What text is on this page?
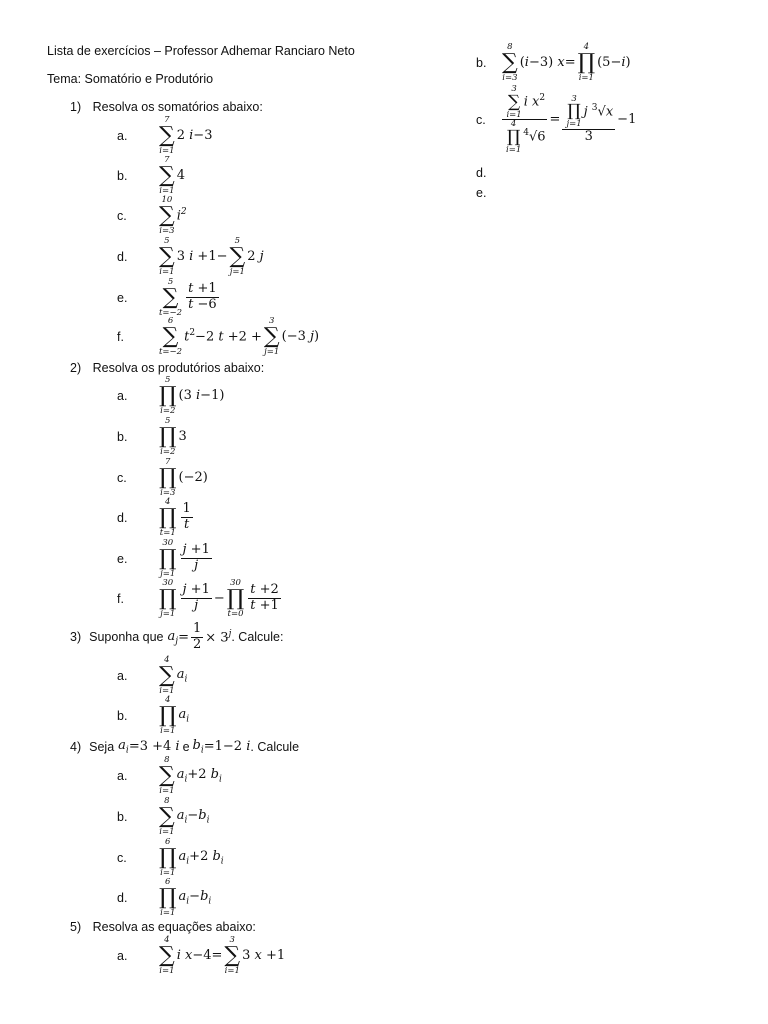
Lista de exercícios – Professor Adhemar Ranciaro Neto
Tema: Somatório e Produtório
1) Resolva os somatórios abaixo:
a.
7
∑
i=1
2 i−3
b.
7
∑
i=1
4
c.
10
∑
i=3
$i^2$
d.
5
∑
i=1
3 i +1−
5
∑
j=1
2 j
e.
5
∑
$t=-2 \frac{t +1}{t -6}$
f.
6
∑
t=−2
$t^2-2$ t +2 +
3
∑
j=1
(−3 j)
2) Resolva os produtórios abaixo:
a.
5
∏
i=2
(3 i−1)
b.
5
∏
i=2
3
c.
7
∏
i=3
(−2)
d.
4
∏
$t=1 \frac{1}{t}$
e.
30
∏
$j=1 \frac{j +1}{j}$
f.
30
∏
$j=1 \frac{j +1}{j}$ −
30
∏
$t=0 \frac{t +2}{t +1}$
3) Suponha que $a_j = \frac{1}{2} \times 3^j$ . Calcule:
a.
4
∑
i=1
$a_i$
b.
4
∏
i=1
$a_i$
4) Seja $a_i =3 +4$ i e $b_i =1-2$ i . Calcule
a.
8
∑
i=1
$a_i +2$ $b_i$
b.
8
∑
i=1
$a_i -b_i$
c.
6
∏
i=1
$a_i +2$ $b_i$
d.
6
∏
i=1
$a_i -b_i$
5) Resolva as equações abaixo:
a.
4
∑
i=1
i x−4=
3
∑
i=1
3 x +1
b.
8
∑
i=3
(i−3) x=
4
∏
i=1
(5−i)
c.	3
∑
i=1
i $x^2$
4
∏
i=1
$^4$√6 = 3
∏
j=1
j $^3$√x
3 −1
d.
e.
